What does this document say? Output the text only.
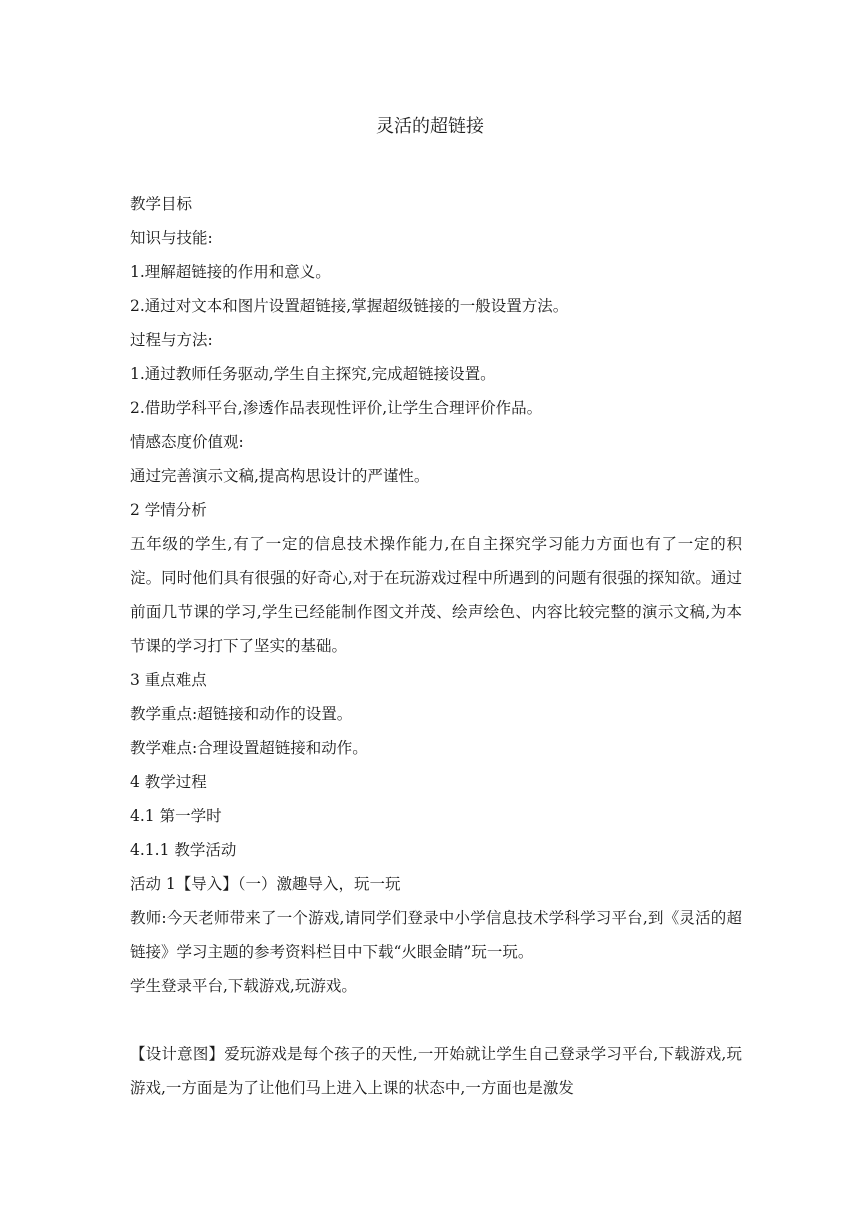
灵活的超链接
教学目标
知识与技能:
1.理解超链接的作用和意义。
2.通过对文本和图片设置超链接,掌握超级链接的一般设置方法。
过程与方法:
1.通过教师任务驱动,学生自主探究,完成超链接设置。
2.借助学科平台,渗透作品表现性评价,让学生合理评价作品。
情感态度价值观:
通过完善演示文稿,提高构思设计的严谨性。
2 学情分析
五年级的学生,有了一定的信息技术操作能力,在自主探究学习能力方面也有了一定的积淀。同时他们具有很强的好奇心,对于在玩游戏过程中所遇到的问题有很强的探知欲。通过前面几节课的学习,学生已经能制作图文并茂、绘声绘色、内容比较完整的演示文稿,为本节课的学习打下了坚实的基础。
3 重点难点
教学重点:超链接和动作的设置。
教学难点:合理设置超链接和动作。
4 教学过程
4.1 第一学时
4.1.1 教学活动
活动 1【导入】（一）激趣导入，玩一玩
教师:今天老师带来了一个游戏,请同学们登录中小学信息技术学科学习平台,到《灵活的超链接》学习主题的参考资料栏目中下载“火眼金睛”玩一玩。
学生登录平台,下载游戏,玩游戏。
【设计意图】爱玩游戏是每个孩子的天性,一开始就让学生自己登录学习平台,下载游戏,玩游戏,一方面是为了让他们马上进入上课的状态中,一方面也是激发
